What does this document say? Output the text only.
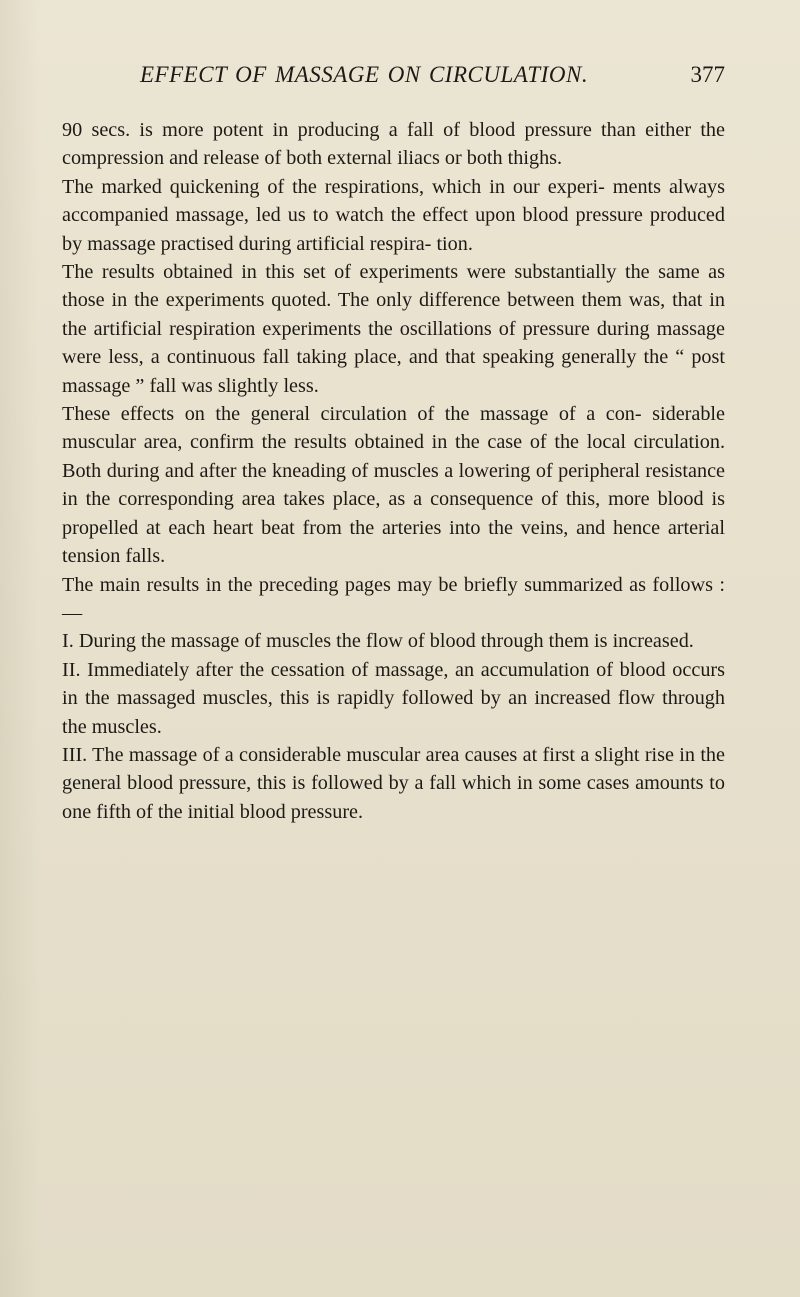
EFFECT OF MASSAGE ON CIRCULATION.	377

90 secs. is more potent in producing a fall of blood pressure than either the compression and release of both external iliacs or both thighs.

The marked quickening of the respirations, which in our experi- ments always accompanied massage, led us to watch the effect upon blood pressure produced by massage practised during artificial respira- tion.

The results obtained in this set of experiments were substantially the same as those in the experiments quoted. The only difference between them was, that in the artificial respiration experiments the oscillations of pressure during massage were less, a continuous fall taking place, and that speaking generally the “ post massage ” fall was slightly less.

These effects on the general circulation of the massage of a con- siderable muscular area, confirm the results obtained in the case of the local circulation. Both during and after the kneading of muscles a lowering of peripheral resistance in the corresponding area takes place, as a consequence of this, more blood is propelled at each heart beat from the arteries into the veins, and hence arterial tension falls.

The main results in the preceding pages may be briefly summarized as follows :—

I. During the massage of muscles the flow of blood through them is increased.

II. Immediately after the cessation of massage, an accumulation of blood occurs in the massaged muscles, this is rapidly followed by an increased flow through the muscles.

III. The massage of a considerable muscular area causes at first a slight rise in the general blood pressure, this is followed by a fall which in some cases amounts to one fifth of the initial blood pressure.
